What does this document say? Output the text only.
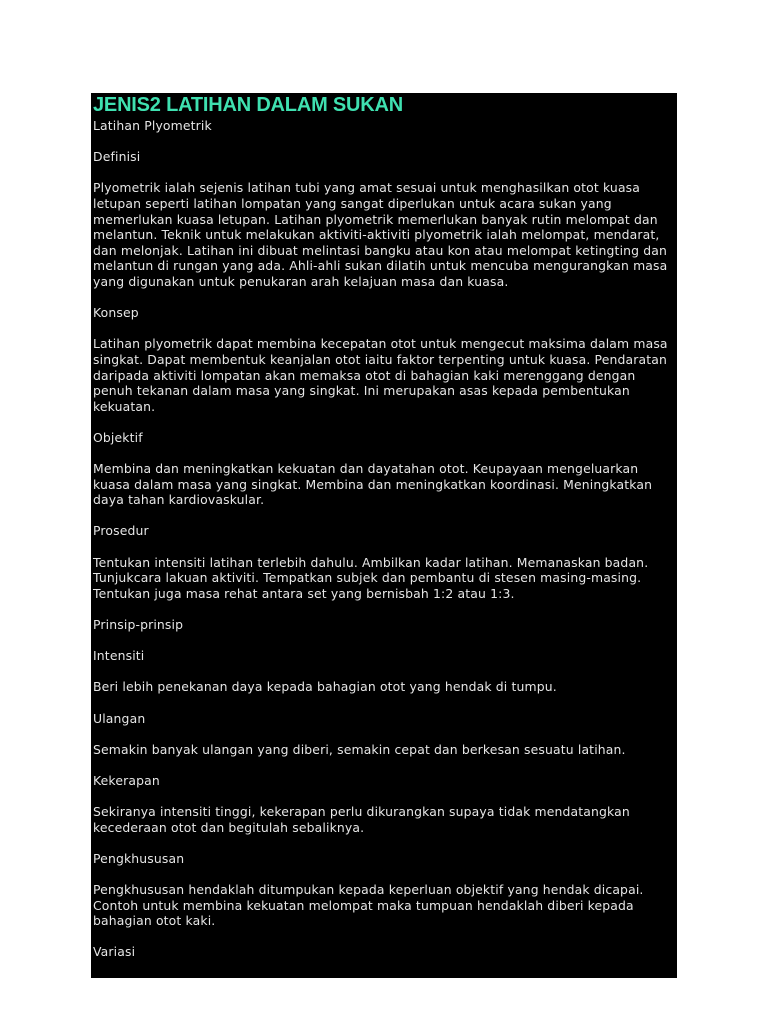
JENIS2 LATIHAN DALAM SUKAN

Latihan Plyometrik

Definisi

Plyometrik ialah sejenis latihan tubi yang amat sesuai untuk menghasilkan otot kuasa letupan seperti latihan lompatan yang sangat diperlukan untuk acara sukan yang memerlukan kuasa letupan. Latihan plyometrik memerlukan banyak rutin melompat dan melantun. Teknik untuk melakukan aktiviti-aktiviti plyometrik ialah melompat, mendarat, dan melonjak. Latihan ini dibuat melintasi bangku atau kon atau melompat ketingting dan melantun di rungan yang ada. Ahli-ahli sukan dilatih untuk mencuba mengurangkan masa yang digunakan untuk penukaran arah kelajuan masa dan kuasa.

Konsep

Latihan plyometrik dapat membina kecepatan otot untuk mengecut maksima dalam masa singkat. Dapat membentuk keanjalan otot iaitu faktor terpenting untuk kuasa. Pendaratan daripada aktiviti lompatan akan memaksa otot di bahagian kaki merenggang dengan penuh tekanan dalam masa yang singkat. Ini merupakan asas kepada pembentukan kekuatan.

Objektif

Membina dan meningkatkan kekuatan dan dayatahan otot. Keupayaan mengeluarkan kuasa dalam masa yang singkat. Membina dan meningkatkan koordinasi. Meningkatkan daya tahan kardiovaskular.

Prosedur

Tentukan intensiti latihan terlebih dahulu. Ambilkan kadar latihan. Memanaskan badan. Tunjukcara lakuan aktiviti. Tempatkan subjek dan pembantu di stesen masing-masing. Tentukan juga masa rehat antara set yang bernisbah 1:2 atau 1:3.

Prinsip-prinsip

Intensiti

Beri lebih penekanan daya kepada bahagian otot yang hendak di tumpu.

Ulangan

Semakin banyak ulangan yang diberi, semakin cepat dan berkesan sesuatu latihan.

Kekerapan

Sekiranya intensiti tinggi, kekerapan perlu dikurangkan supaya tidak mendatangkan kecederaan otot dan begitulah sebaliknya.

Pengkhususan

Pengkhususan hendaklah ditumpukan kepada keperluan objektif yang hendak dicapai. Contoh untuk membina kekuatan melompat maka tumpuan hendaklah diberi kepada bahagian otot kaki.

Variasi
